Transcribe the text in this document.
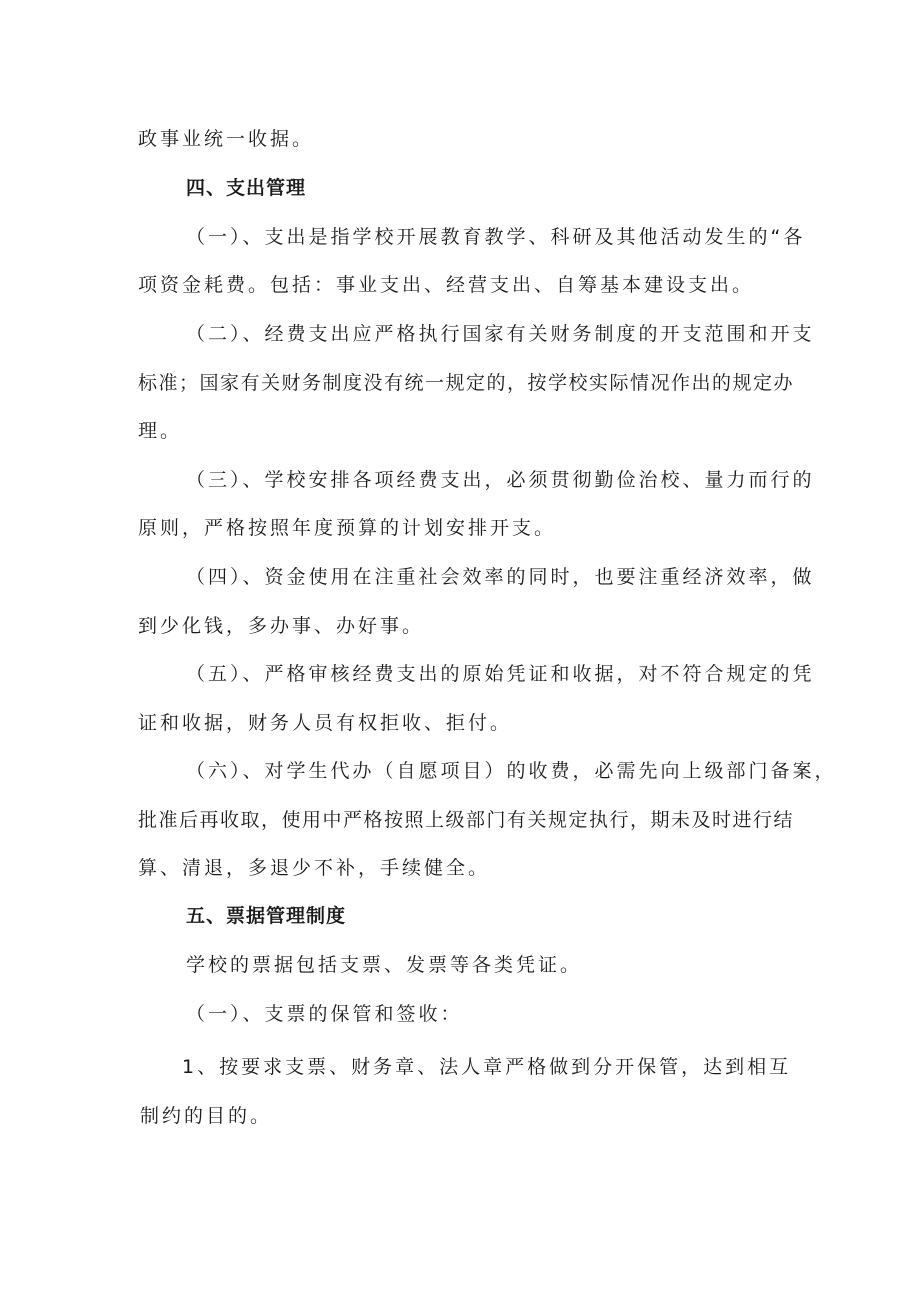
政事业统一收据。
四、支出管理
（一）、支出是指学校开展教育教学、科研及其他活动发生的“各
项资金耗费。包括：事业支出、经营支出、自筹基本建设支出。
（二）、经费支出应严格执行国家有关财务制度的开支范围和开支
标准；国家有关财务制度没有统一规定的，按学校实际情况作出的规定办
理。
（三）、学校安排各项经费支出，必须贯彻勤俭治校、量力而行的
原则，严格按照年度预算的计划安排开支。
（四）、资金使用在注重社会效率的同时，也要注重经济效率，做
到少化钱，多办事、办好事。
（五）、严格审核经费支出的原始凭证和收据，对不符合规定的凭
证和收据，财务人员有权拒收、拒付。
（六）、对学生代办（自愿项目）的收费，必需先向上级部门备案，
批准后再收取，使用中严格按照上级部门有关规定执行，期未及时进行结
算、清退，多退少不补，手续健全。
五、票据管理制度
学校的票据包括支票、发票等各类凭证。
（一）、支票的保管和签收：
1、按要求支票、财务章、法人章严格做到分开保管，达到相互
制约的目的。
